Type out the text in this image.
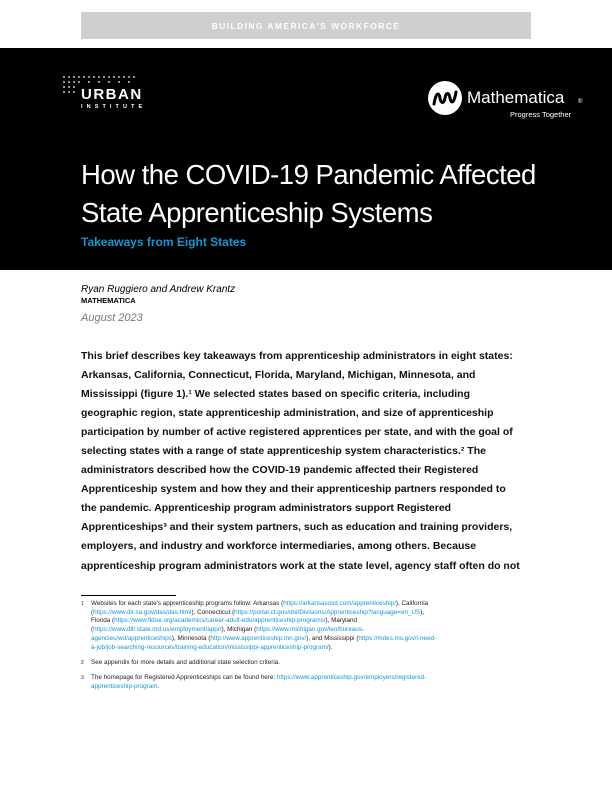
BUILDING AMERICA'S WORKFORCE
URBAN
INSTITUTE	Mathematica ®
Progress Together
How the COVID-19 Pandemic Affected
State Apprenticeship Systems
Takeaways from Eight States
Ryan Ruggiero and Andrew Krantz
MATHEMATICA
August 2023

This brief describes key takeaways from apprenticeship administrators in eight states:
Arkansas, California, Connecticut, Florida, Maryland, Michigan, Minnesota, and
Mississippi (figure 1).¹ We selected states based on specific criteria, including
geographic region, state apprenticeship administration, and size of apprenticeship
participation by number of active registered apprentices per state, and with the goal of
selecting states with a range of state apprenticeship system characteristics.² The
administrators described how the COVID-19 pandemic affected their Registered
Apprenticeship system and how they and their apprenticeship partners responded to
the pandemic. Apprenticeship program administrators support Registered
Apprenticeships³ and their system partners, such as education and training providers,
employers, and industry and workforce intermediaries, among others. Because
apprenticeship program administrators work at the state level, agency staff often do not

1	Websites for each state's apprenticeship programs follow: Arkansas (https://arkansasosd.com/apprenticeship/), California
(https://www.dir.ca.gov/das/das.html), Connecticut (https://portal.ct.gov/dol/Divisions/Apprenticeship?language=en_US),
Florida (https://www.fldoe.org/academics/career-adult-edu/apprenticeship-programs/), Maryland
(https://www.dllr.state.md.us/employment/appr/), Michigan (https://www.michigan.gov/leo/bureaus-
agencies/wd/apprenticeships), Minnesota (http://www.apprenticeship.mn.gov/), and Mississippi (https://mdes.ms.gov/i-need-
a-job/job-searching-resources/training-education/mississippi-apprenticeship-program/).
2	See appendix for more details and additional state selection criteria.
3	The homepage for Registered Apprenticeships can be found here: https://www.apprenticeship.gov/employers/registered-
apprenticeship-program.
